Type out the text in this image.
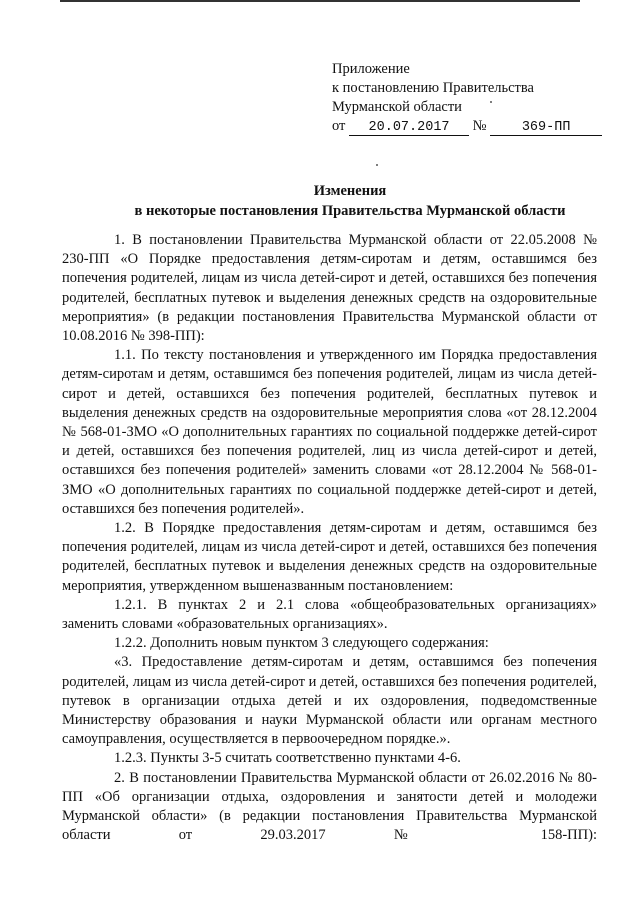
Приложение
к постановлению Правительства
Мурманской области
от 20.07.2017 №	369-ПП
Изменения
в некоторые постановления Правительства Мурманской области

1. В постановлении Правительства Мурманской области от 22.05.2008 № 230-ПП «О Порядке предоставления детям-сиротам и детям, оставшимся без попечения родителей, лицам из числа детей-сирот и детей, оставшихся без попечения родителей, бесплатных путевок и выделения денежных средств на оздоровительные мероприятия» (в редакции постановления Правительства Мурманской области от 10.08.2016 № 398-ПП):

1.1. По тексту постановления и утвержденного им Порядка предоставления детям-сиротам и детям, оставшимся без попечения родителей, лицам из числа детей-сирот и детей, оставшихся без попечения родителей, бесплатных путевок и выделения денежных средств на оздоровительные мероприятия слова «от 28.12.2004 № 568-01-ЗМО «О дополнительных гарантиях по социальной поддержке детей-сирот и детей, оставшихся без попечения родителей, лиц из числа детей-сирот и детей, оставшихся без попечения родителей» заменить словами «от 28.12.2004 № 568-01-ЗМО «О дополнительных гарантиях по социальной поддержке детей-сирот и детей, оставшихся без попечения родителей».

1.2. В Порядке предоставления детям-сиротам и детям, оставшимся без попечения родителей, лицам из числа детей-сирот и детей, оставшихся без попечения родителей, бесплатных путевок и выделения денежных средств на оздоровительные мероприятия, утвержденном вышеназванным постановлением:

1.2.1. В пунктах 2 и 2.1 слова «общеобразовательных организациях» заменить словами «образовательных организациях».

1.2.2. Дополнить новым пунктом 3 следующего содержания:

«3. Предоставление детям-сиротам и детям, оставшимся без попечения родителей, лицам из числа детей-сирот и детей, оставшихся без попечения родителей, путевок в организации отдыха детей и их оздоровления, подведомственные Министерству образования и науки Мурманской области или органам местного самоуправления, осуществляется в первоочередном порядке.».

1.2.3. Пункты 3-5 считать соответственно пунктами 4-6.

2. В постановлении Правительства Мурманской области от 26.02.2016 № 80-ПП «Об организации отдыха, оздоровления и занятости детей и молодежи Мурманской области» (в редакции постановления Правительства Мурманской области от 29.03.2017 № 158-ПП):
